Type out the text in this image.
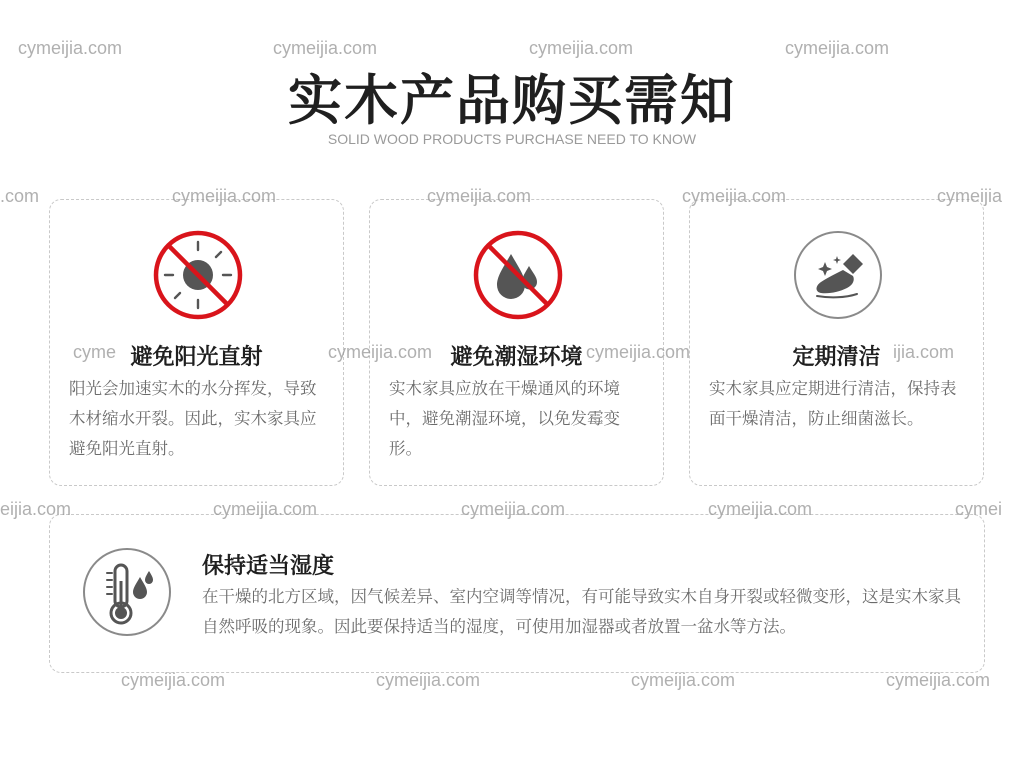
实木产品购买需知
SOLID WOOD PRODUCTS PURCHASE NEED TO KNOW
避免阳光直射
阳光会加速实木的水分挥发，导致木材缩水开裂。因此，实木家具应避免阳光直射。
避免潮湿环境
实木家具应放在干燥通风的环境中，避免潮湿环境，以免发霉变形。
定期清洁
实木家具应定期进行清洁，保持表面干燥清洁，防止细菌滋长。
保持适当湿度
在干燥的北方区域，因气候差异、室内空调等情况，有可能导致实木自身开裂或轻微变形，这是实木家具自然呼吸的现象。因此要保持适当的湿度，可使用加湿器或者放置一盆水等方法。
cymeijia.com	cymeijia.com	cymeijia.com	cymeijia.com
.com	cymeijia.com	cymeijia.com	cymeijia.com	cymeijia
cyme	cymeijia.com	cymeijia.com	ijia.com
eijia.com	cymeijia.com	cymeijia.com	cymeijia.com	cymei
cymeijia.com	cymeijia.com	cymeijia.com	cymeijia.com
